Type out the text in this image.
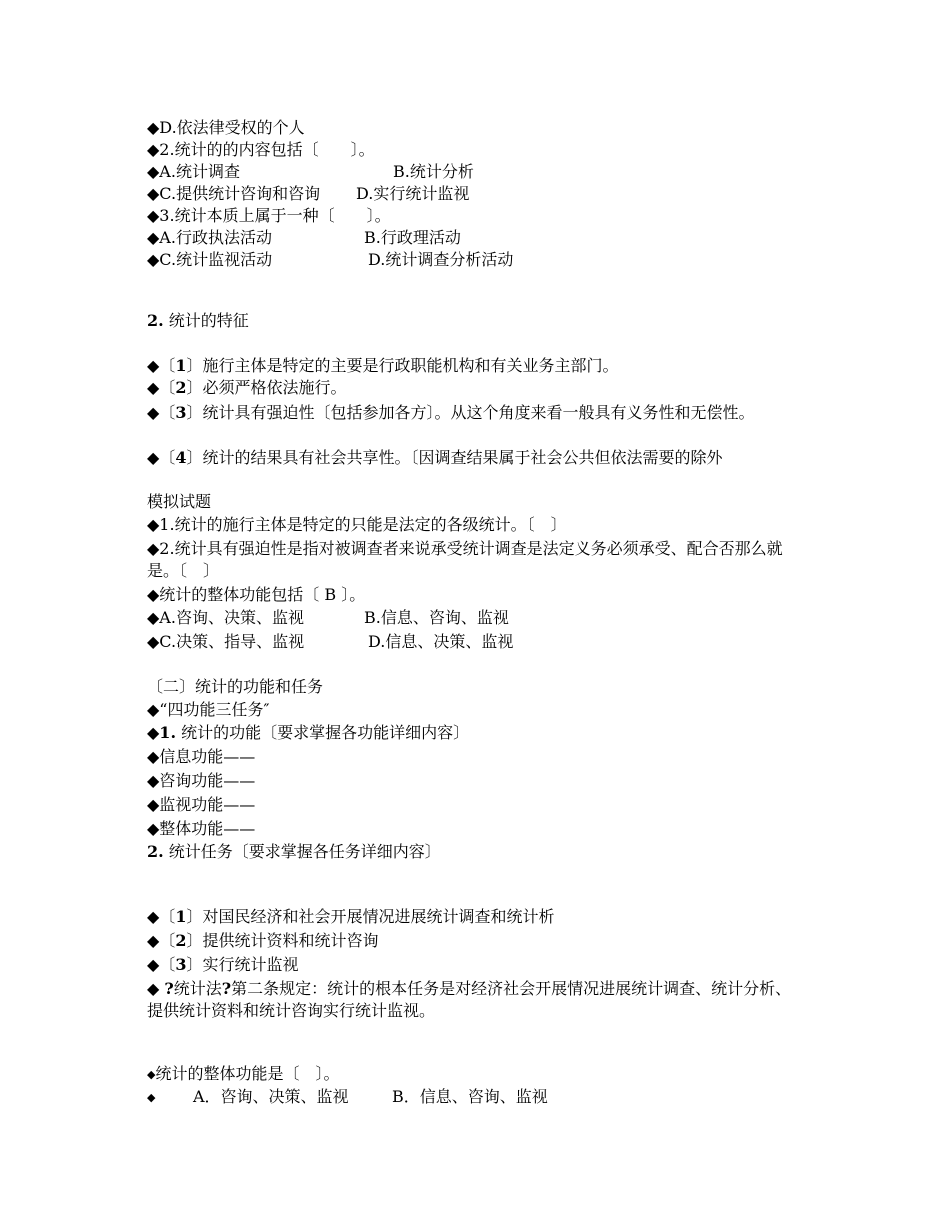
◆D.依法律受权的个人
◆2.统计的的内容包括〔　　〕。
◆A.统计调查	B.统计分析
◆C.提供统计咨询和咨询 D.实行统计监视
◆3.统计本质上属于一种〔　　〕。
◆A.行政执法活动	B.行政理活动
◆C.统计监视活动	D.统计调查分析活动
2. 统计的特征
◆〔1〕施行主体是特定的主要是行政职能机构和有关业务主部门。
◆〔2〕必须严格依法施行。
◆〔3〕统计具有强迫性〔包括参加各方〕。从这个角度来看一般具有义务性和无偿性。
◆〔4〕统计的结果具有社会共享性。〔因调查结果属于社会公共但依法需要的除外
模拟试题
◆1.统计的施行主体是特定的只能是法定的各级统计。〔　〕
◆2.统计具有强迫性是指对被调查者来说承受统计调查是法定义务必须承受、配合否那么就是。〔　〕
◆统计的整体功能包括〔 B 〕。
◆A.咨询、决策、监视	B.信息、咨询、监视
◆C.决策、指导、监视	D.信息、决策、监视
〔二〕统计的功能和任务
◆“四功能三任务″
◆1. 统计的功能〔要求掌握各功能详细内容〕
◆信息功能——
◆咨询功能——
◆监视功能——
◆整体功能——
2. 统计任务〔要求掌握各任务详细内容〕
◆〔1〕对国民经济和社会开展情况进展统计调查和统计析
◆〔2〕提供统计资料和统计咨询
◆〔3〕实行统计监视
◆ ?统计法?第二条规定：统计的根本任务是对经济社会开展情况进展统计调查、统计分析、提供统计资料和统计咨询实行统计监视。
◆统计的整体功能是〔　〕。
◆ A．咨询、决策、监视	B．信息、咨询、监视
